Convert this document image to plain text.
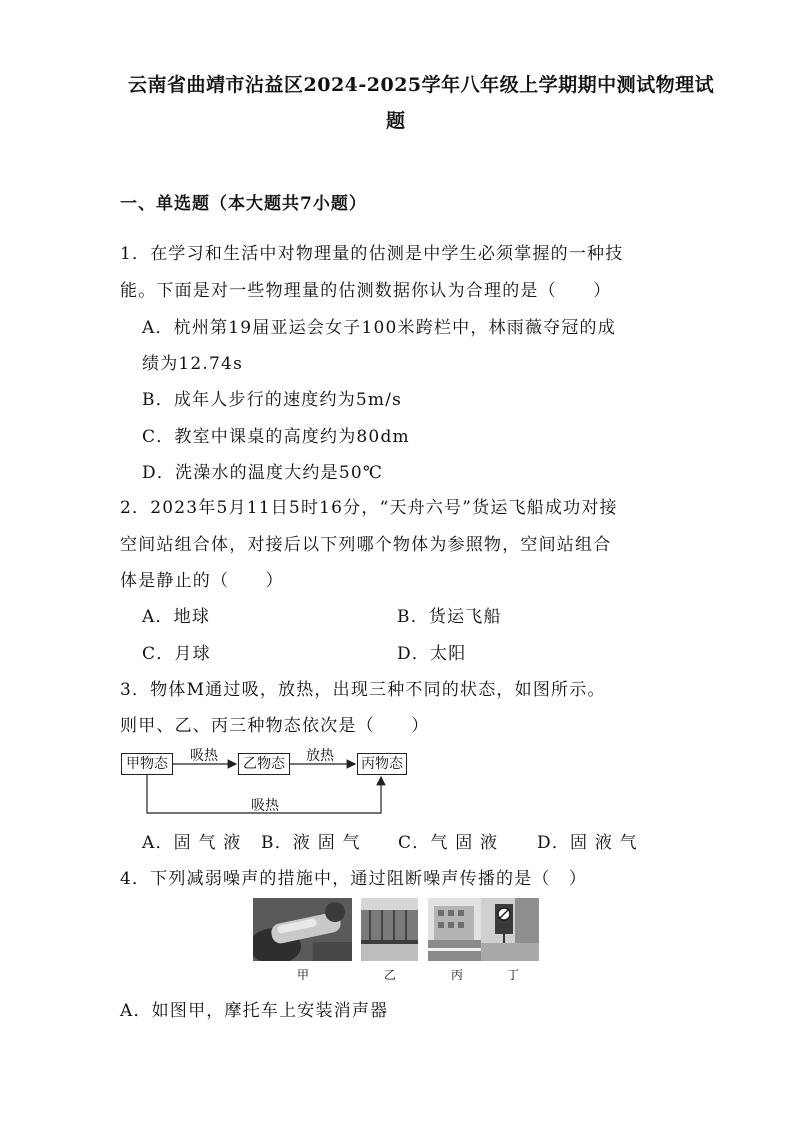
云南省曲靖市沾益区2024-2025学年八年级上学期期中测试物理试
题
一、单选题（本大题共7小题）
1．在学习和生活中对物理量的估测是中学生必须掌握的一种技
能。下面是对一些物理量的估测数据你认为合理的是（　　）
A．杭州第19届亚运会女子100米跨栏中，林雨薇夺冠的成
绩为12.74s
B．成年人步行的速度约为5m/s
C．教室中课桌的高度约为80dm
D．洗澡水的温度大约是50℃
2．2023年5月11日5时16分，“天舟六号”货运飞船成功对接
空间站组合体，对接后以下列哪个物体为参照物，空间站组合
体是静止的（　　）
A．地球	B．货运飞船
C．月球	D．太阳
3．物体M通过吸，放热，出现三种不同的状态，如图所示。
则甲、乙、丙三种物态依次是（　　）
甲物态	乙物态	丙物态
吸热	放热
吸热
A．固 气 液 B．液 固 气 C．气 固 液 D．固 液 气
4．下列减弱噪声的措施中，通过阻断噪声传播的是（　）
甲	乙	丙	丁
A．如图甲，摩托车上安装消声器
